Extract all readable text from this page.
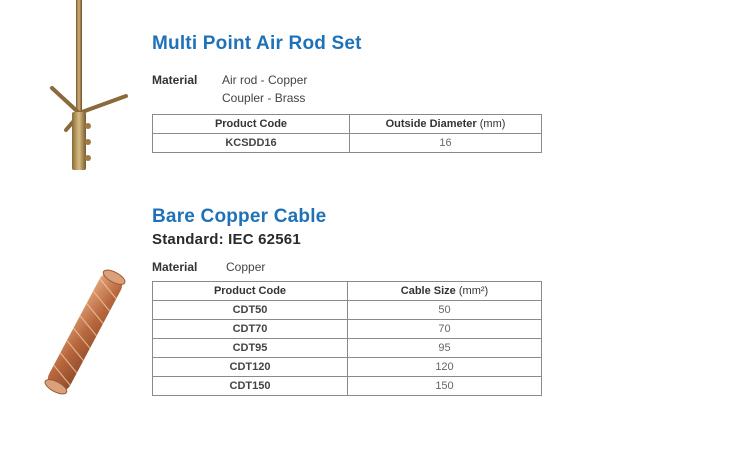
Multi Point Air Rod Set
Material Air rod - Copper
Coupler - Brass
Product Code	Outside Diameter (mm)
KCSDD16	16
Bare Copper Cable
Standard: IEC 62561
Material Copper
Product Code	Cable Size (mm²)
CDT50	50
CDT70	70
CDT95	95
CDT120	120
CDT150	150
